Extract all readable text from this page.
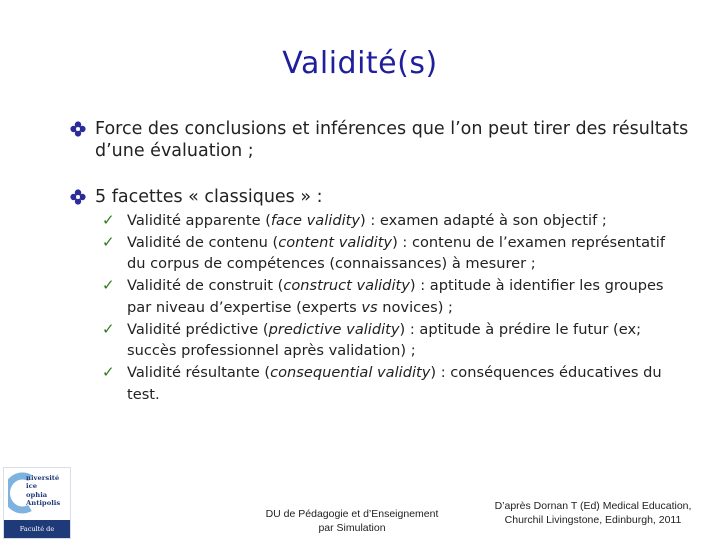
Validité(s)
Force des conclusions et inférences que l’on peut tirer des résultats d’une évaluation ;
5 facettes « classiques » :
✓ Validité apparente (face validity) : examen adapté à son objectif ;
✓ Validité de contenu (content validity) : contenu de l’examen représentatif du corpus de compétences (connaissances) à mesurer ;
✓ Validité de construit (construct validity) : aptitude à identifier les groupes par niveau d’expertise (experts vs novices) ;
✓ Validité prédictive (predictive validity) : aptitude à prédire le futur (ex; succès professionnel après validation) ;
✓ Validité résultante (consequential validity) : conséquences éducatives du test.
niversité
ice
ophia Antipolis
Faculté de Médecine
DU de Pédagogie et d’Enseignement
par Simulation
D’après Dornan T (Ed) Medical Education,
Churchil Livingstone, Edinburgh, 2011
